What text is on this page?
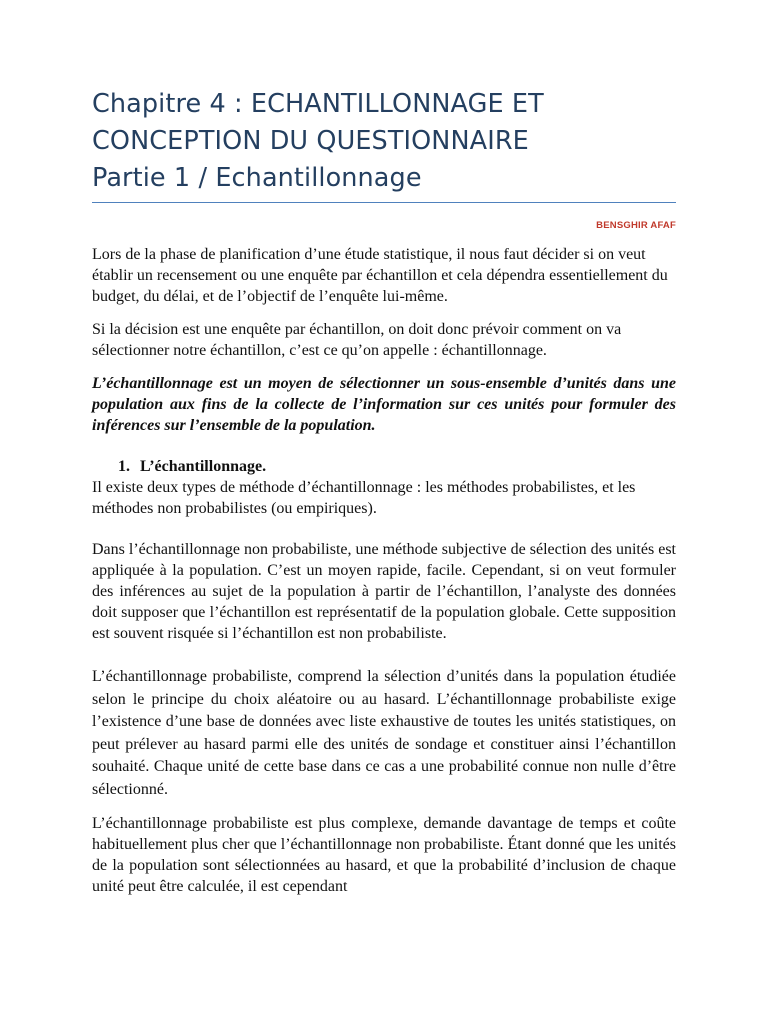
Chapitre 4 : ECHANTILLONNAGE ET
CONCEPTION DU QUESTIONNAIRE
Partie 1 / Echantillonnage
BENSGHIR AFAF

Lors de la phase de planification d’une étude statistique, il nous faut décider si on veut établir un recensement ou une enquête par échantillon et cela dépendra essentiellement du budget, du délai, et de l’objectif de l’enquête lui-même.

Si la décision est une enquête par échantillon, on doit donc prévoir comment on va sélectionner notre échantillon, c’est ce qu’on appelle : échantillonnage.

L’échantillonnage est un moyen de sélectionner un sous-ensemble d’unités dans une population aux fins de la collecte de l’information sur ces unités pour formuler des inférences sur l’ensemble de la population.

1. L’échantillonnage.

Il existe deux types de méthode d’échantillonnage : les méthodes probabilistes, et les méthodes non probabilistes (ou empiriques).

Dans l’échantillonnage non probabiliste, une méthode subjective de sélection des unités est appliquée à la population. C’est un moyen rapide, facile. Cependant, si on veut formuler des inférences au sujet de la population à partir de l’échantillon, l’analyste des données doit supposer que l’échantillon est représentatif de la population globale. Cette supposition est souvent risquée si l’échantillon est non probabiliste.

L’échantillonnage probabiliste, comprend la sélection d’unités dans la population étudiée selon le principe du choix aléatoire ou au hasard. L’échantillonnage probabiliste exige l’existence d’une base de données avec liste exhaustive de toutes les unités statistiques, on peut prélever au hasard parmi elle des unités de sondage et constituer ainsi l’échantillon souhaité. Chaque unité de cette base dans ce cas a une probabilité connue non nulle d’être sélectionné.

L’échantillonnage probabiliste est plus complexe, demande davantage de temps et coûte habituellement plus cher que l’échantillonnage non probabiliste. Étant donné que les unités de la population sont sélectionnées au hasard, et que la probabilité d’inclusion de chaque unité peut être calculée, il est cependant
